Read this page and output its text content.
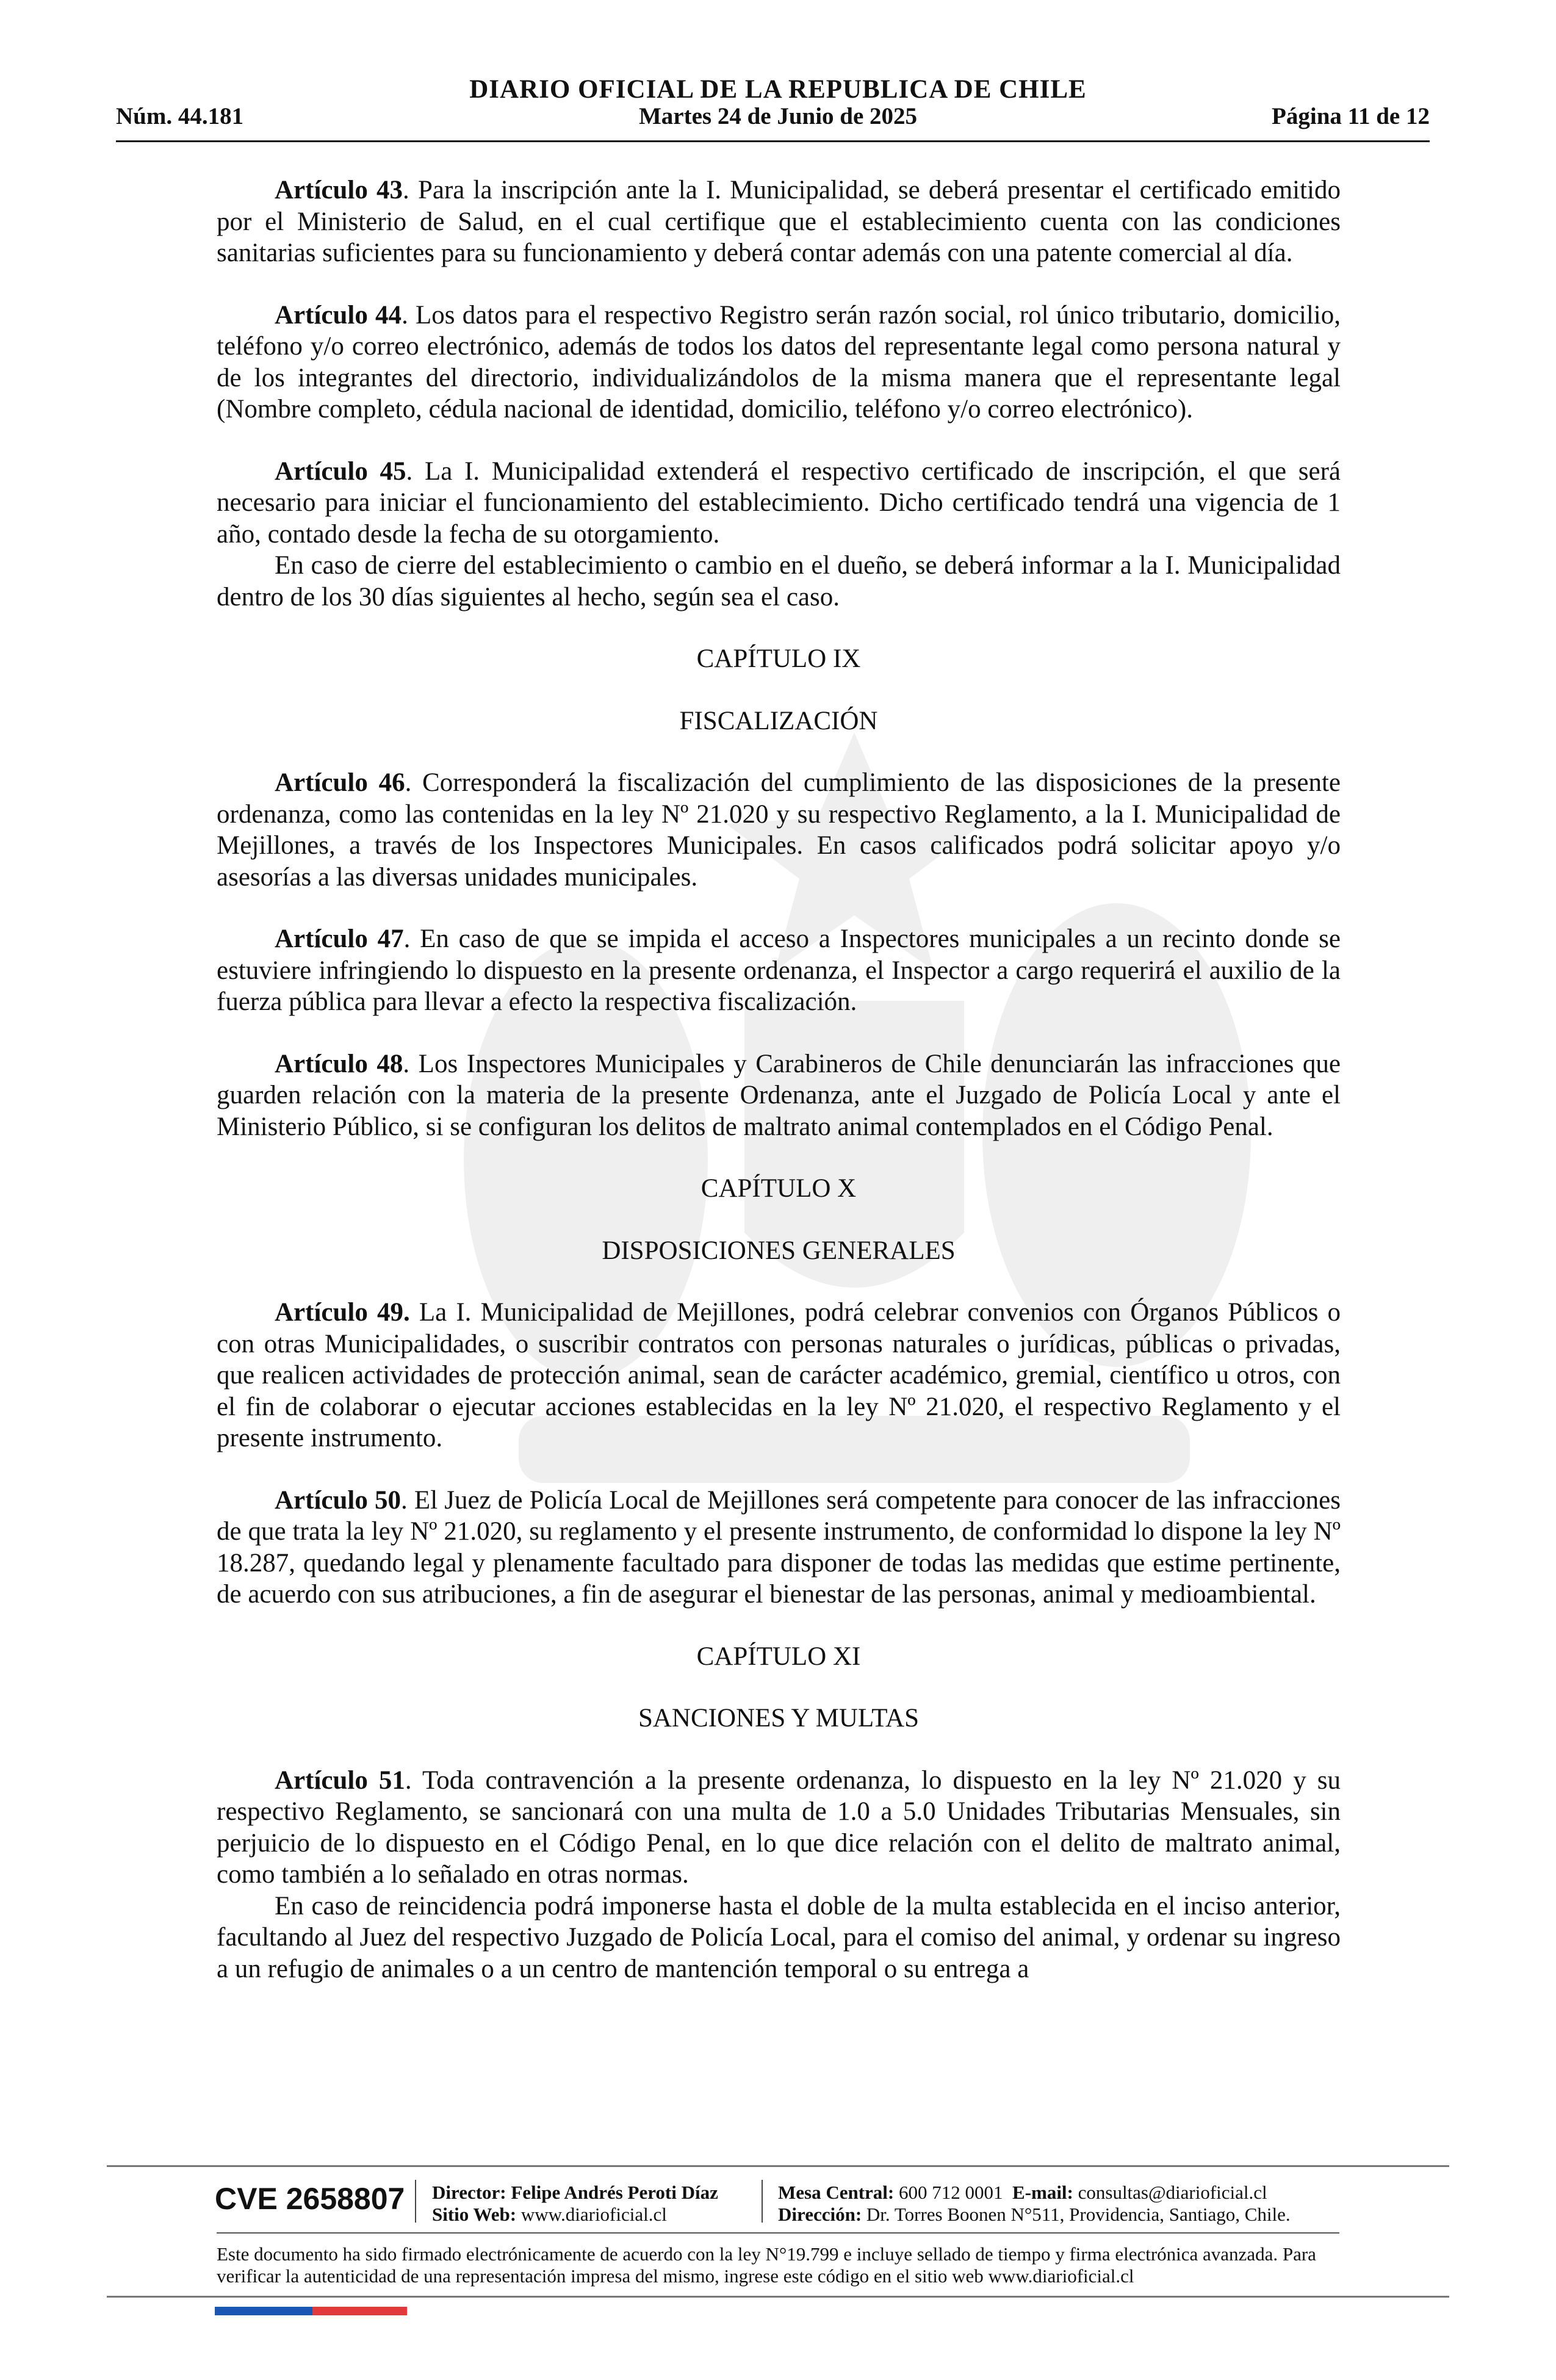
DIARIO OFICIAL DE LA REPUBLICA DE CHILE
Núm. 44.181	Martes 24 de Junio de 2025	Página 11 de 12

Artículo 43. Para la inscripción ante la I. Municipalidad, se deberá presentar el certificado emitido por el Ministerio de Salud, en el cual certifique que el establecimiento cuenta con las condiciones sanitarias suficientes para su funcionamiento y deberá contar además con una patente comercial al día.

Artículo 44. Los datos para el respectivo Registro serán razón social, rol único tributario, domicilio, teléfono y/o correo electrónico, además de todos los datos del representante legal como persona natural y de los integrantes del directorio, individualizándolos de la misma manera que el representante legal (Nombre completo, cédula nacional de identidad, domicilio, teléfono y/o correo electrónico).

Artículo 45. La I. Municipalidad extenderá el respectivo certificado de inscripción, el que será necesario para iniciar el funcionamiento del establecimiento. Dicho certificado tendrá una vigencia de 1 año, contado desde la fecha de su otorgamiento.

En caso de cierre del establecimiento o cambio en el dueño, se deberá informar a la I. Municipalidad dentro de los 30 días siguientes al hecho, según sea el caso.

CAPÍTULO IX

FISCALIZACIÓN

Artículo 46. Corresponderá la fiscalización del cumplimiento de las disposiciones de la presente ordenanza, como las contenidas en la ley Nº 21.020 y su respectivo Reglamento, a la I. Municipalidad de Mejillones, a través de los Inspectores Municipales. En casos calificados podrá solicitar apoyo y/o asesorías a las diversas unidades municipales.

Artículo 47. En caso de que se impida el acceso a Inspectores municipales a un recinto donde se estuviere infringiendo lo dispuesto en la presente ordenanza, el Inspector a cargo requerirá el auxilio de la fuerza pública para llevar a efecto la respectiva fiscalización.

Artículo 48. Los Inspectores Municipales y Carabineros de Chile denunciarán las infracciones que guarden relación con la materia de la presente Ordenanza, ante el Juzgado de Policía Local y ante el Ministerio Público, si se configuran los delitos de maltrato animal contemplados en el Código Penal.

CAPÍTULO X

DISPOSICIONES GENERALES

Artículo 49. La I. Municipalidad de Mejillones, podrá celebrar convenios con Órganos Públicos o con otras Municipalidades, o suscribir contratos con personas naturales o jurídicas, públicas o privadas, que realicen actividades de protección animal, sean de carácter académico, gremial, científico u otros, con el fin de colaborar o ejecutar acciones establecidas en la ley Nº 21.020, el respectivo Reglamento y el presente instrumento.

Artículo 50. El Juez de Policía Local de Mejillones será competente para conocer de las infracciones de que trata la ley Nº 21.020, su reglamento y el presente instrumento, de conformidad lo dispone la ley Nº 18.287, quedando legal y plenamente facultado para disponer de todas las medidas que estime pertinente, de acuerdo con sus atribuciones, a fin de asegurar el bienestar de las personas, animal y medioambiental.

CAPÍTULO XI

SANCIONES Y MULTAS

Artículo 51. Toda contravención a la presente ordenanza, lo dispuesto en la ley Nº 21.020 y su respectivo Reglamento, se sancionará con una multa de 1.0 a 5.0 Unidades Tributarias Mensuales, sin perjuicio de lo dispuesto en el Código Penal, en lo que dice relación con el delito de maltrato animal, como también a lo señalado en otras normas.

En caso de reincidencia podrá imponerse hasta el doble de la multa establecida en el inciso anterior, facultando al Juez del respectivo Juzgado de Policía Local, para el comiso del animal, y ordenar su ingreso a un refugio de animales o a un centro de mantención temporal o su entrega a

CVE 2658807 Director: Felipe Andrés Peroti Díaz
Sitio Web: www.diarioficial.cl
Mesa Central: 600 712 0001 E-mail: consultas@diarioficial.cl
Dirección: Dr. Torres Boonen N°511, Providencia, Santiago, Chile.
Este documento ha sido firmado electrónicamente de acuerdo con la ley N°19.799 e incluye sellado de tiempo y firma electrónica avanzada. Para verificar la autenticidad de una representación impresa del mismo, ingrese este código en el sitio web www.diarioficial.cl
